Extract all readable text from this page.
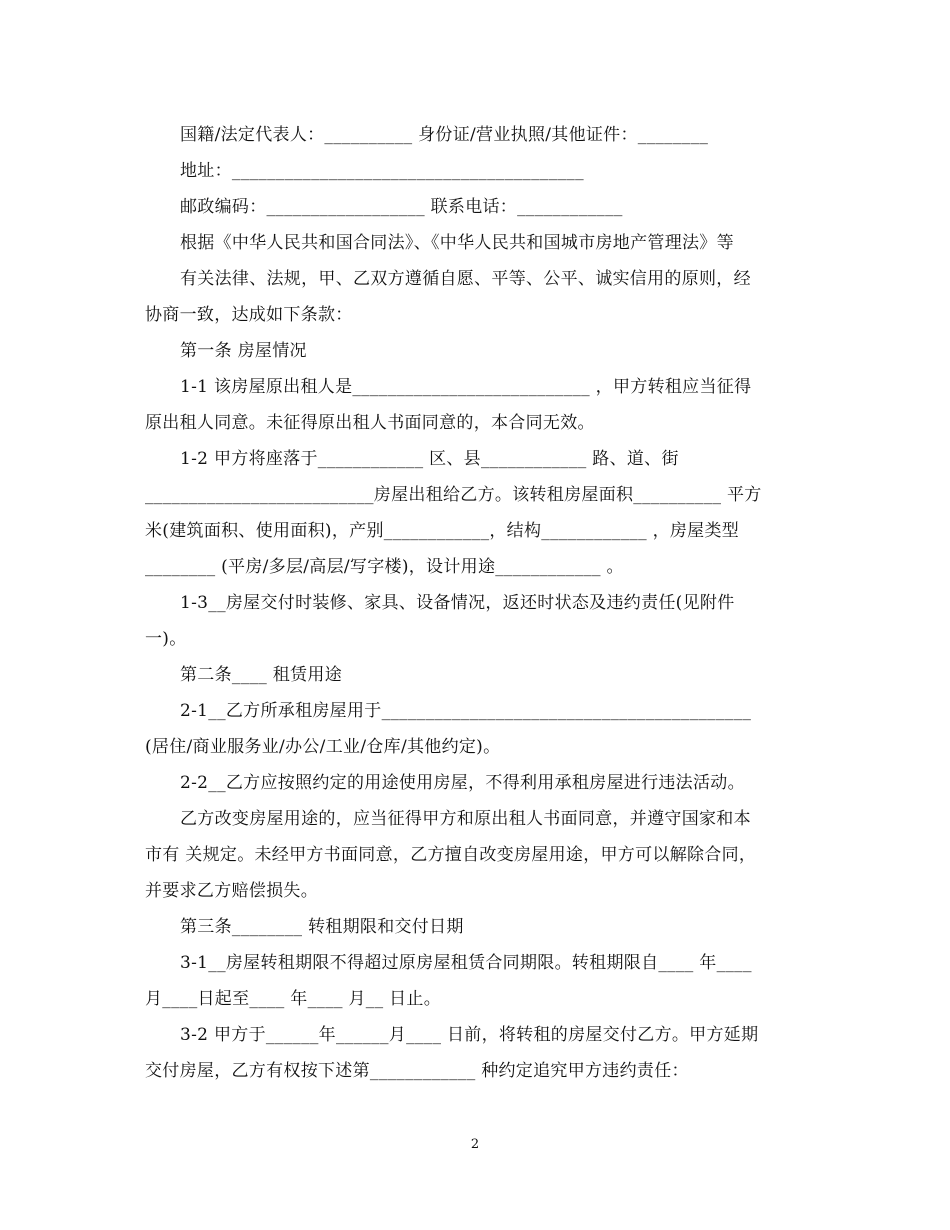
国籍/法定代表人：__________ 身份证/营业执照/其他证件：________
地址：________________________________________
邮政编码：__________________ 联系电话：____________
根据《中华人民共和国合同法》、《中华人民共和国城市房地产管理法》等
有关法律、法规，甲、乙双方遵循自愿、平等、公平、诚实信用的原则，经
协商一致，达成如下条款：
第一条 房屋情况
1-1 该房屋原出租人是___________________________ ，甲方转租应当征得
原出租人同意。未征得原出租人书面同意的，本合同无效。
1-2 甲方将座落于____________ 区、县____________ 路、道、街
__________________________房屋出租给乙方。该转租房屋面积__________ 平方
米(建筑面积、使用面积)，产别____________，结构____________ ，房屋类型
________ (平房/多层/高层/写字楼)，设计用途____________ 。
1-3__房屋交付时装修、家具、设备情况，返还时状态及违约责任(见附件
一)。
第二条____ 租赁用途
2-1__乙方所承租房屋用于__________________________________________
(居住/商业服务业/办公/工业/仓库/其他约定)。
2-2__乙方应按照约定的用途使用房屋，不得利用承租房屋进行违法活动。
乙方改变房屋用途的，应当征得甲方和原出租人书面同意，并遵守国家和本
市有 关规定。未经甲方书面同意，乙方擅自改变房屋用途，甲方可以解除合同，
并要求乙方赔偿损失。
第三条________ 转租期限和交付日期
3-1__房屋转租期限不得超过原房屋租赁合同期限。转租期限自____ 年____
月____日起至____ 年____ 月__ 日止。
3-2 甲方于______年______月____ 日前，将转租的房屋交付乙方。甲方延期
交付房屋，乙方有权按下述第____________ 种约定追究甲方违约责任：
2
